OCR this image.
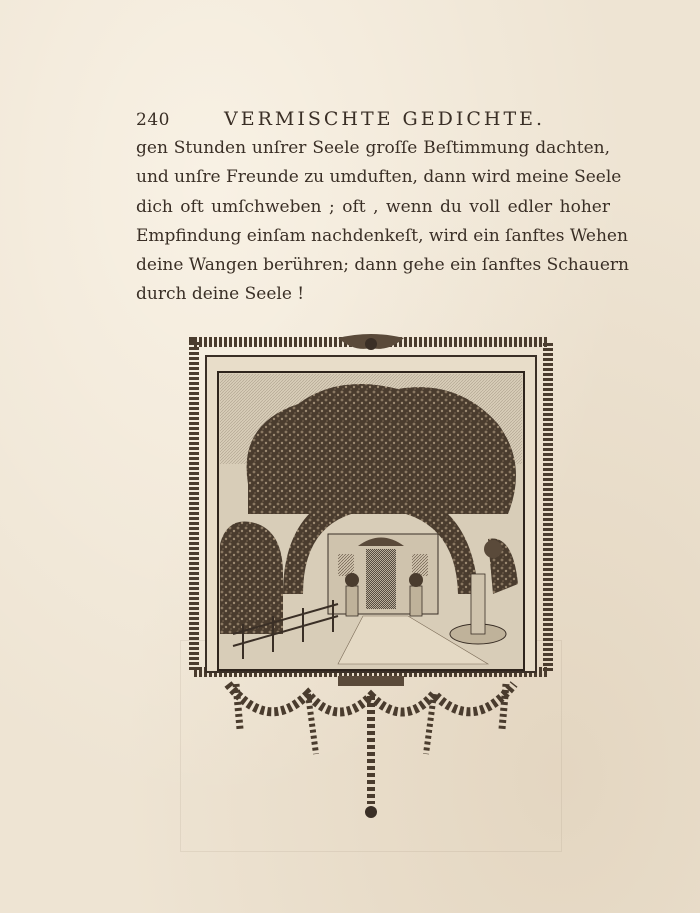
240	VERMISCHTE GEDICHTE.
gen Stunden unſrer Seele groſſe Beſtimmung dachten,
und unſre Freunde zu umduften, dann wird meine Seele
dich oft umſchweben ; oft , wenn du voll edler hoher
Empfindung einſam nachdenkeſt, wird ein ſanftes Wehen
deine Wangen berühren; dann gehe ein ſanftes Schauern
durch deine Seele !
